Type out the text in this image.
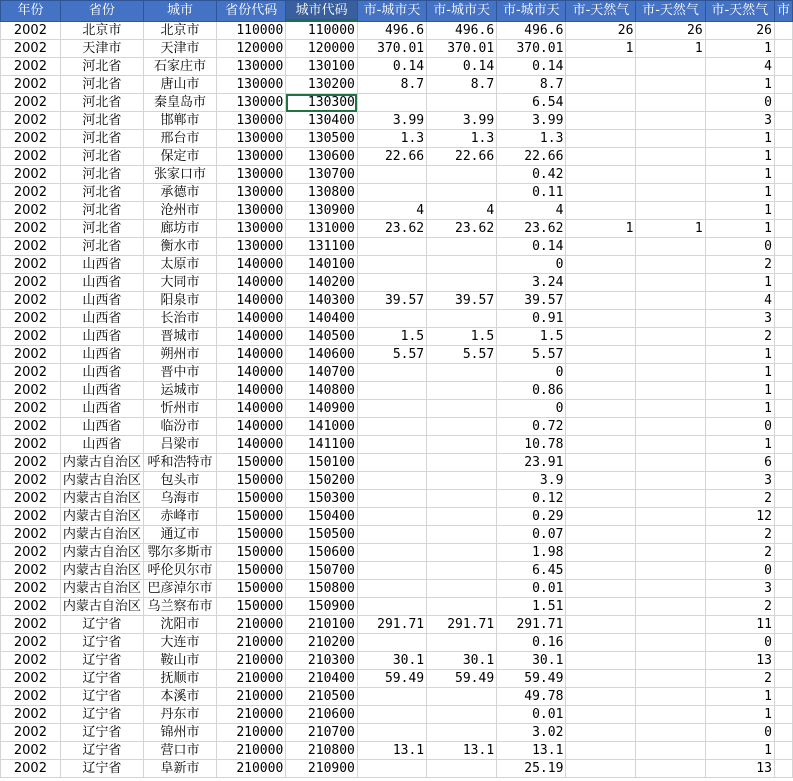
年份	省份	城市	省份代码	城市代码	市-城市天	市-城市天	市-城市天	市-天然气	市-天然气	市-天然气	市
2002	北京市	北京市	110000	110000	496.6	496.6	496.6	26	26	26	
2002	天津市	天津市	120000	120000	370.01	370.01	370.01	1	1	1	
2002	河北省	石家庄市	130000	130100	0.14	0.14	0.14			4	
2002	河北省	唐山市	130000	130200	8.7	8.7	8.7			1	
2002	河北省	秦皇岛市	130000	130300			6.54			0	
2002	河北省	邯郸市	130000	130400	3.99	3.99	3.99			3	
2002	河北省	邢台市	130000	130500	1.3	1.3	1.3			1	
2002	河北省	保定市	130000	130600	22.66	22.66	22.66			1	
2002	河北省	张家口市	130000	130700			0.42			1	
2002	河北省	承德市	130000	130800			0.11			1	
2002	河北省	沧州市	130000	130900	4	4	4			1	
2002	河北省	廊坊市	130000	131000	23.62	23.62	23.62	1	1	1	
2002	河北省	衡水市	130000	131100			0.14			0	
2002	山西省	太原市	140000	140100			0			2	
2002	山西省	大同市	140000	140200			3.24			1	
2002	山西省	阳泉市	140000	140300	39.57	39.57	39.57			4	
2002	山西省	长治市	140000	140400			0.91			3	
2002	山西省	晋城市	140000	140500	1.5	1.5	1.5			2	
2002	山西省	朔州市	140000	140600	5.57	5.57	5.57			1	
2002	山西省	晋中市	140000	140700			0			1	
2002	山西省	运城市	140000	140800			0.86			1	
2002	山西省	忻州市	140000	140900			0			1	
2002	山西省	临汾市	140000	141000			0.72			0	
2002	山西省	吕梁市	140000	141100			10.78			1	
2002	内蒙古自治区	呼和浩特市	150000	150100			23.91			6	
2002	内蒙古自治区	包头市	150000	150200			3.9			3	
2002	内蒙古自治区	乌海市	150000	150300			0.12			2	
2002	内蒙古自治区	赤峰市	150000	150400			0.29			12	
2002	内蒙古自治区	通辽市	150000	150500			0.07			2	
2002	内蒙古自治区	鄂尔多斯市	150000	150600			1.98			2	
2002	内蒙古自治区	呼伦贝尔市	150000	150700			6.45			0	
2002	内蒙古自治区	巴彦淖尔市	150000	150800			0.01			3	
2002	内蒙古自治区	乌兰察布市	150000	150900			1.51			2	
2002	辽宁省	沈阳市	210000	210100	291.71	291.71	291.71			11	
2002	辽宁省	大连市	210000	210200			0.16			0	
2002	辽宁省	鞍山市	210000	210300	30.1	30.1	30.1			13	
2002	辽宁省	抚顺市	210000	210400	59.49	59.49	59.49			2	
2002	辽宁省	本溪市	210000	210500			49.78			1	
2002	辽宁省	丹东市	210000	210600			0.01			1	
2002	辽宁省	锦州市	210000	210700			3.02			0	
2002	辽宁省	营口市	210000	210800	13.1	13.1	13.1			1	
2002	辽宁省	阜新市	210000	210900			25.19			13	
